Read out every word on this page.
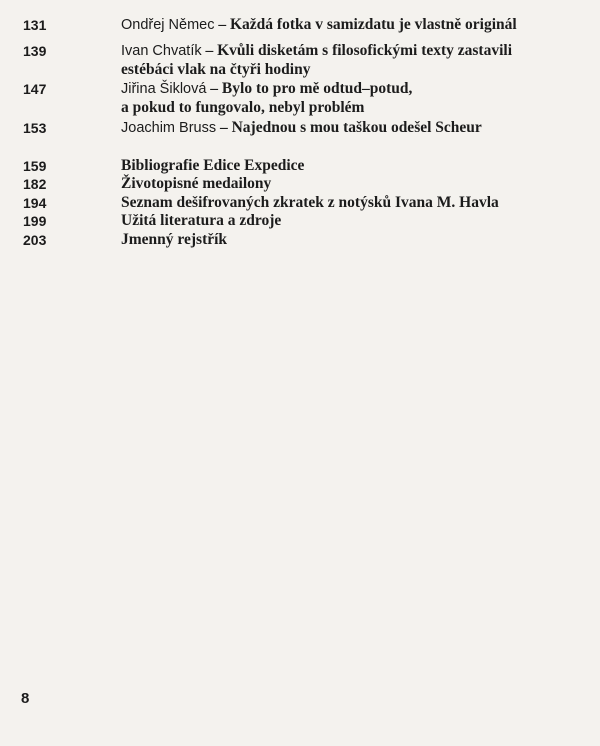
131	Ondřej Němec – Každá fotka v samizdatu je vlastně originál
139	Ivan Chvatík – Kvůli disketám s filosofickými texty zastavili
estébáci vlak na čtyři hodiny
147	Jiřina Šiklová – Bylo to pro mě odtud–potud,
a pokud to fungovalo, nebyl problém
153	Joachim Bruss – Najednou s mou taškou odešel Scheur
159	Bibliografie Edice Expedice
182	Životopisné medailony
194	Seznam dešifrovaných zkratek z notýsků Ivana M. Havla
199	Užitá literatura a zdroje
203	Jmenný rejstřík
8
